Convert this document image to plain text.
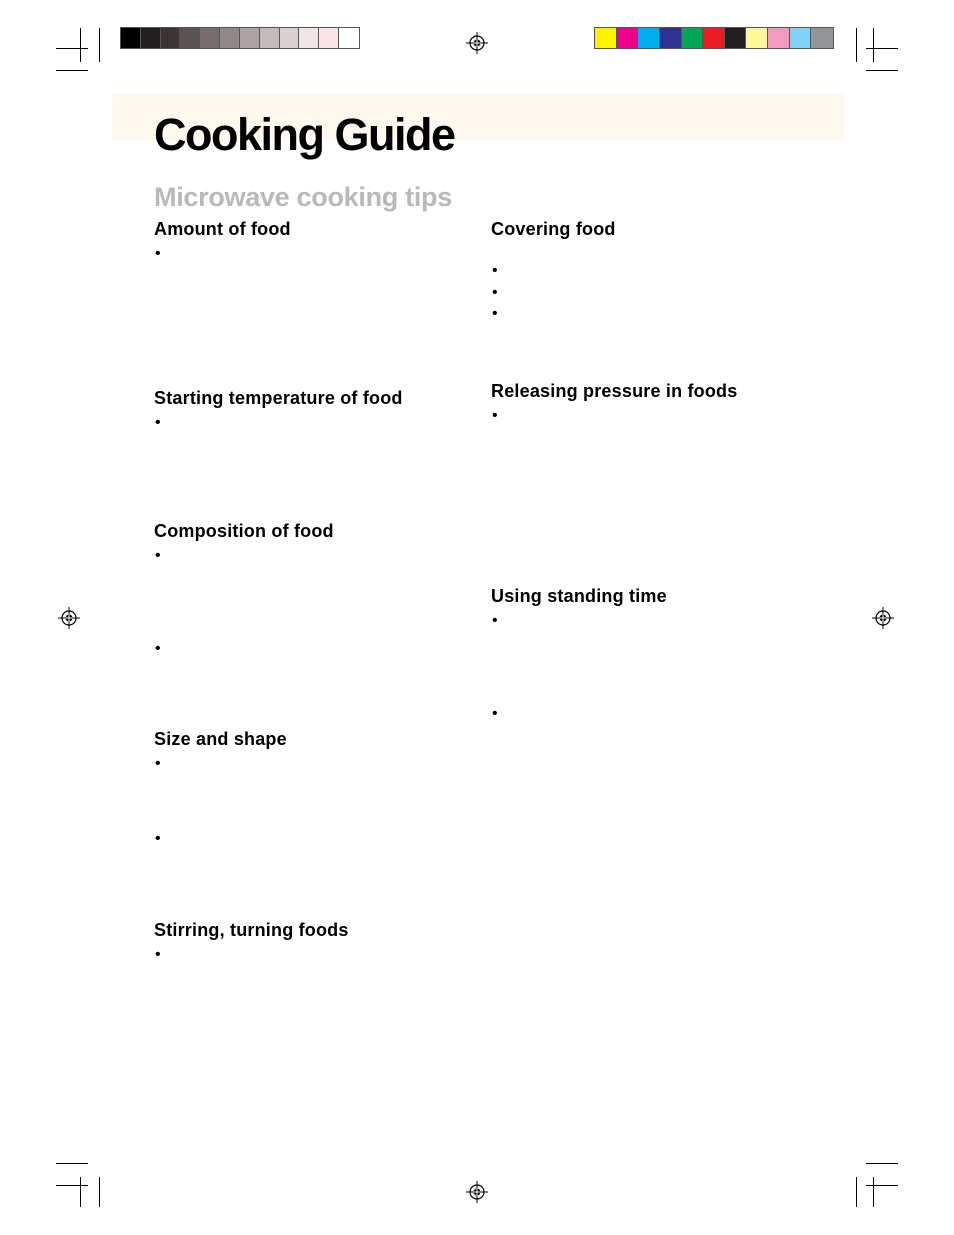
Cooking Guide
Microwave cooking tips
Amount of food
•
Starting temperature of food
•
Composition of food
•
•
Size and shape
•
•
Stirring, turning foods
•
Covering food
•
•
•
Releasing pressure in foods
•
Using standing time
•
•
